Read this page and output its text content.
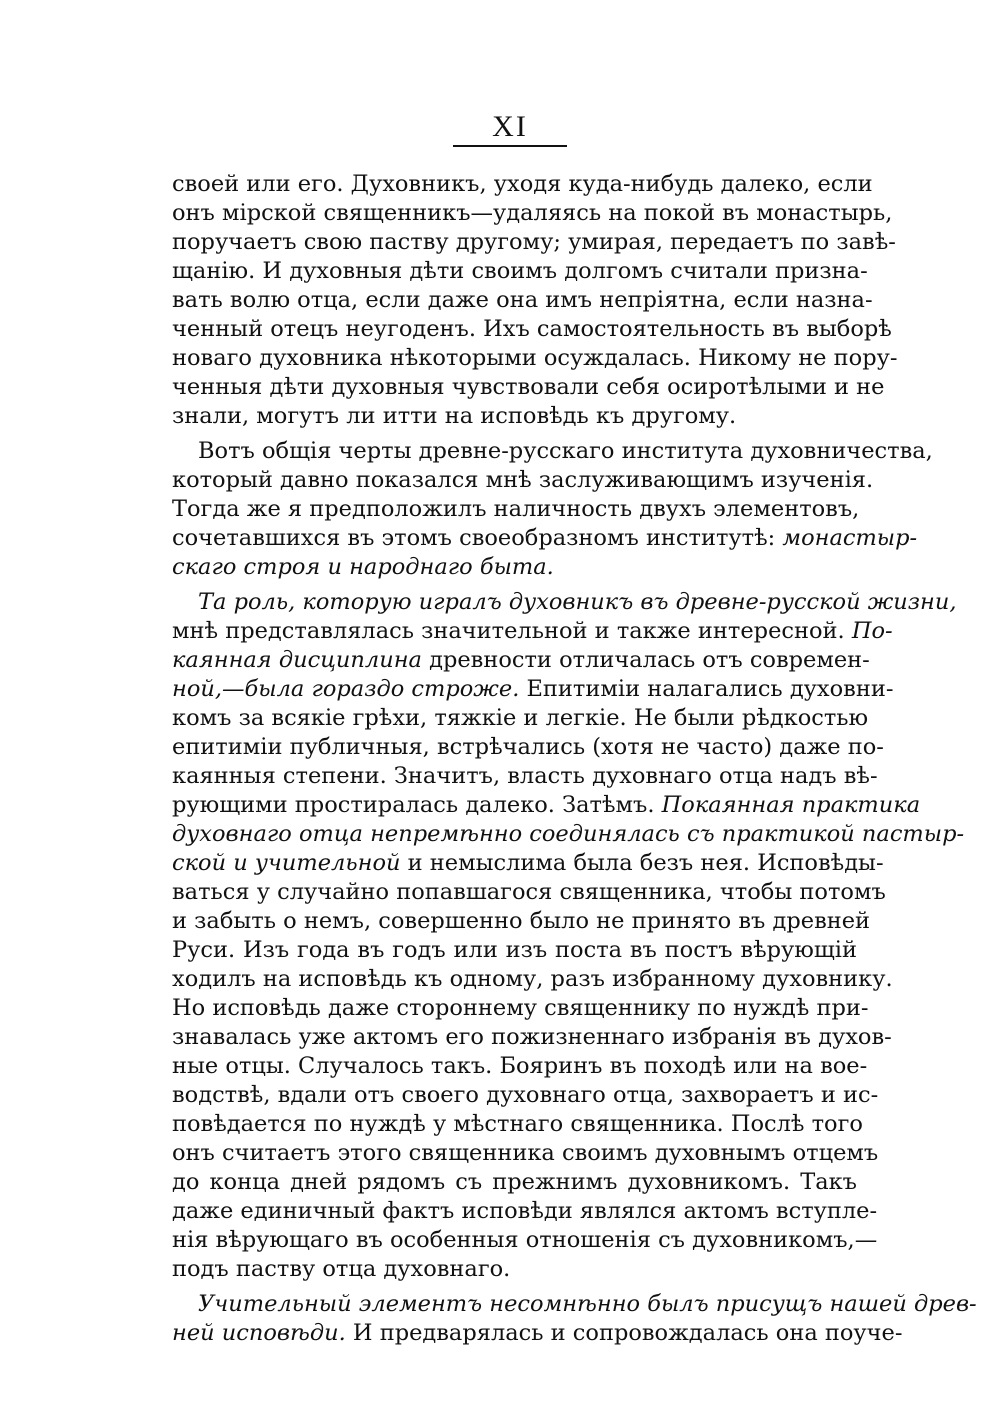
XI
своей или его. Духовникъ, уходя куда-нибудь далеко, если
онъ мірской священникъ—удаляясь на покой въ монастырь,
поручаетъ свою паству другому; умирая, передаетъ по завѣ-
щанію. И духовныя дѣти своимъ долгомъ считали призна-
вать волю отца, если даже она имъ непріятна, если назна-
ченный отецъ неугоденъ. Ихъ самостоятельность въ выборѣ
новаго духовника нѣкоторыми осуждалась. Никому не пору-
ченныя дѣти духовныя чувствовали себя осиротѣлыми и не
знали, могутъ ли итти на исповѣдь къ другому.
Вотъ общія черты древне-русскаго института духовничества,
который давно показался мнѣ заслуживающимъ изученія.
Тогда же я предположилъ наличность двухъ элементовъ,
сочетавшихся въ этомъ своеобразномъ институтѣ: монастыр-
скаго строя и народнаго быта.
Та роль, которую игралъ духовникъ въ древне-русской жизни,
мнѣ представлялась значительной и также интересной. По-
каянная дисциплина древности отличалась отъ современ-
ной,—была гораздо строже. Епитиміи налагались духовни-
комъ за всякіе грѣхи, тяжкіе и легкіе. Не были рѣдкостью
епитиміи публичныя, встрѣчались (хотя не часто) даже по-
каянныя степени. Значитъ, власть духовнаго отца надъ вѣ-
рующими простиралась далеко. Затѣмъ. Покаянная практика
духовнаго отца непремѣнно соединялась съ практикой пастыр-
ской и учительной и немыслима была безъ нея. Исповѣды-
ваться у случайно попавшагося священника, чтобы потомъ
и забыть о немъ, совершенно было не принято въ древней
Руси. Изъ года въ годъ или изъ поста въ постъ вѣрующій
ходилъ на исповѣдь къ одному, разъ избранному духовнику.
Но исповѣдь даже стороннему священнику по нуждѣ при-
знавалась уже актомъ его пожизненнаго избранія въ духов-
ные отцы. Случалось такъ. Бояринъ въ походѣ или на вое-
водствѣ, вдали отъ своего духовнаго отца, захвораетъ и ис-
повѣдается по нуждѣ у мѣстнаго священника. Послѣ того
онъ считаетъ этого священника своимъ духовнымъ отцемъ
до конца дней рядомъ съ прежнимъ духовникомъ. Такъ
даже единичный фактъ исповѣди являлся актомъ вступле-
нія вѣрующаго въ особенныя отношенія съ духовникомъ,—
подъ паству отца духовнаго.
Учительный элементъ несомнѣнно былъ присущъ нашей древ-
ней исповѣди. И предварялась и сопровождалась она поуче-
